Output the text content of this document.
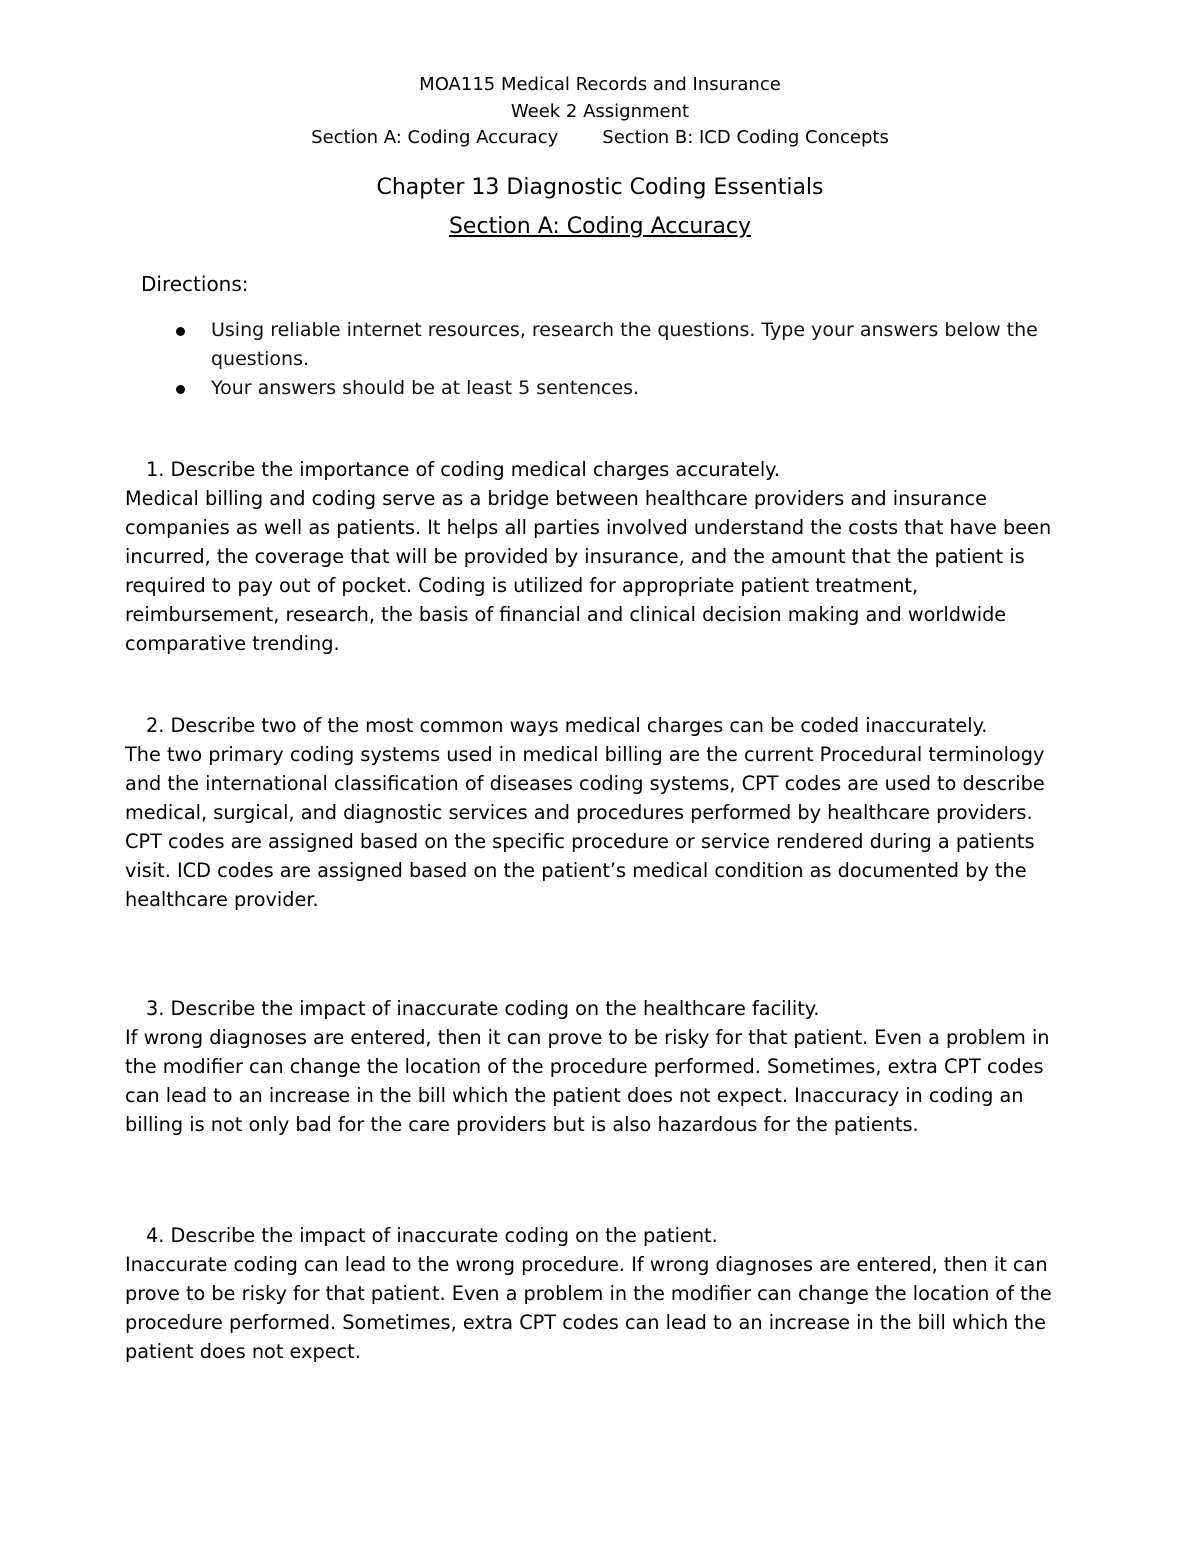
MOA115 Medical Records and Insurance
Week 2 Assignment
Section A: Coding Accuracy Section B: ICD Coding Concepts
Chapter 13 Diagnostic Coding Essentials
Section A: Coding Accuracy
Directions:
Using reliable internet resources, research the questions. Type your answers below the questions.
Your answers should be at least 5 sentences.
1. Describe the importance of coding medical charges accurately.
Medical billing and coding serve as a bridge between healthcare providers and insurance companies as well as patients. It helps all parties involved understand the costs that have been incurred, the coverage that will be provided by insurance, and the amount that the patient is required to pay out of pocket. Coding is utilized for appropriate patient treatment, reimbursement, research, the basis of financial and clinical decision making and worldwide comparative trending.
2. Describe two of the most common ways medical charges can be coded inaccurately.
The two primary coding systems used in medical billing are the current Procedural terminology and the international classification of diseases coding systems, CPT codes are used to describe medical, surgical, and diagnostic services and procedures performed by healthcare providers. CPT codes are assigned based on the specific procedure or service rendered during a patients visit. ICD codes are assigned based on the patient’s medical condition as documented by the healthcare provider.
3. Describe the impact of inaccurate coding on the healthcare facility.
If wrong diagnoses are entered, then it can prove to be risky for that patient. Even a problem in the modifier can change the location of the procedure performed. Sometimes, extra CPT codes can lead to an increase in the bill which the patient does not expect. Inaccuracy in coding an billing is not only bad for the care providers but is also hazardous for the patients.
4. Describe the impact of inaccurate coding on the patient.
Inaccurate coding can lead to the wrong procedure. If wrong diagnoses are entered, then it can prove to be risky for that patient. Even a problem in the modifier can change the location of the procedure performed. Sometimes, extra CPT codes can lead to an increase in the bill which the patient does not expect.
